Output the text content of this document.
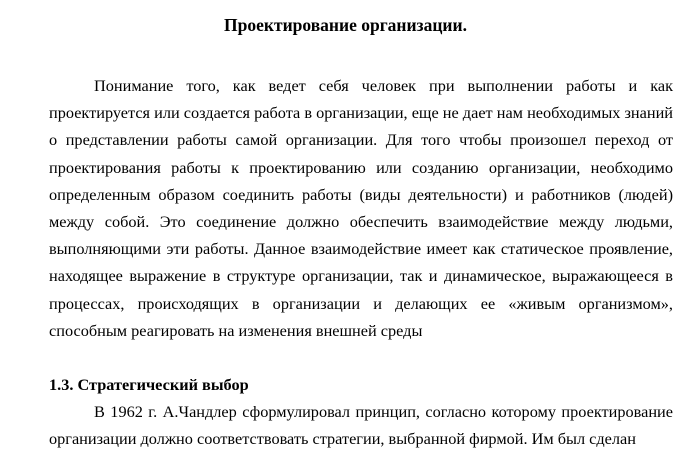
Проектирование организации.

Понимание того, как ведет себя человек при выполнении работы и как проектируется или создается работа в организации, еще не дает нам необходимых знаний о представлении работы самой организации. Для того чтобы произошел переход от проектирования работы к проектированию или созданию организации, необходимо определенным образом соединить работы (виды деятельности) и работников (людей) между собой. Это соединение должно обеспечить взаимодействие между людьми, выполняющими эти работы. Данное взаимодействие имеет как статическое проявление, находящее выражение в структуре организации, так и динамическое, выражающееся в процессах, происходящих в организации и делающих ее «живым организмом», способным реагировать на изменения внешней среды

1.3. Стратегический выбор

В 1962 г. А.Чандлер сформулировал принцип, согласно которому проектирование организации должно соответствовать стратегии, выбранной фирмой. Им был сделан
